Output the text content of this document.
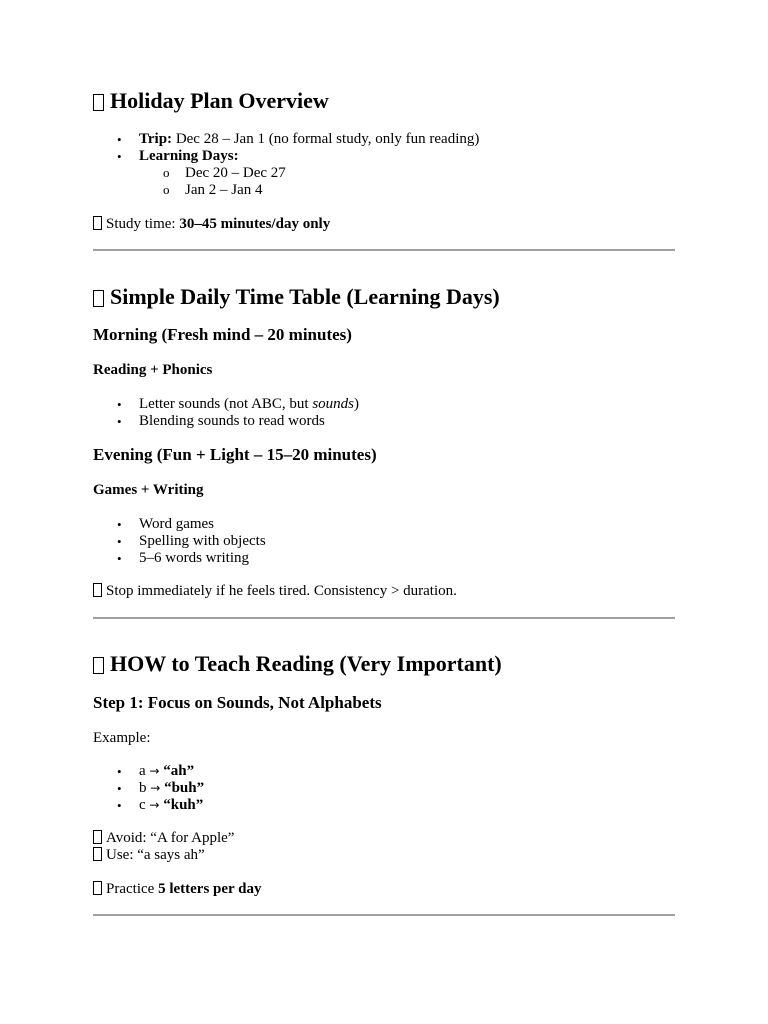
Holiday Plan Overview
• Trip: Dec 28 – Jan 1 (no formal study, only fun reading)
• Learning Days:
o Dec 20 – Dec 27
o Jan 2 – Jan 4
Study time: 30–45 minutes/day only
Simple Daily Time Table (Learning Days)
Morning (Fresh mind – 20 minutes)
Reading + Phonics
• Letter sounds (not ABC, but sounds)
• Blending sounds to read words
Evening (Fun + Light – 15–20 minutes)
Games + Writing
• Word games
• Spelling with objects
• 5–6 words writing
Stop immediately if he feels tired. Consistency > duration.
HOW to Teach Reading (Very Important)
Step 1: Focus on Sounds, Not Alphabets
Example:
• a → “ah”
• b → “buh”
• c → “kuh”
Avoid: “A for Apple”
Use: “a says ah”
Practice 5 letters per day
